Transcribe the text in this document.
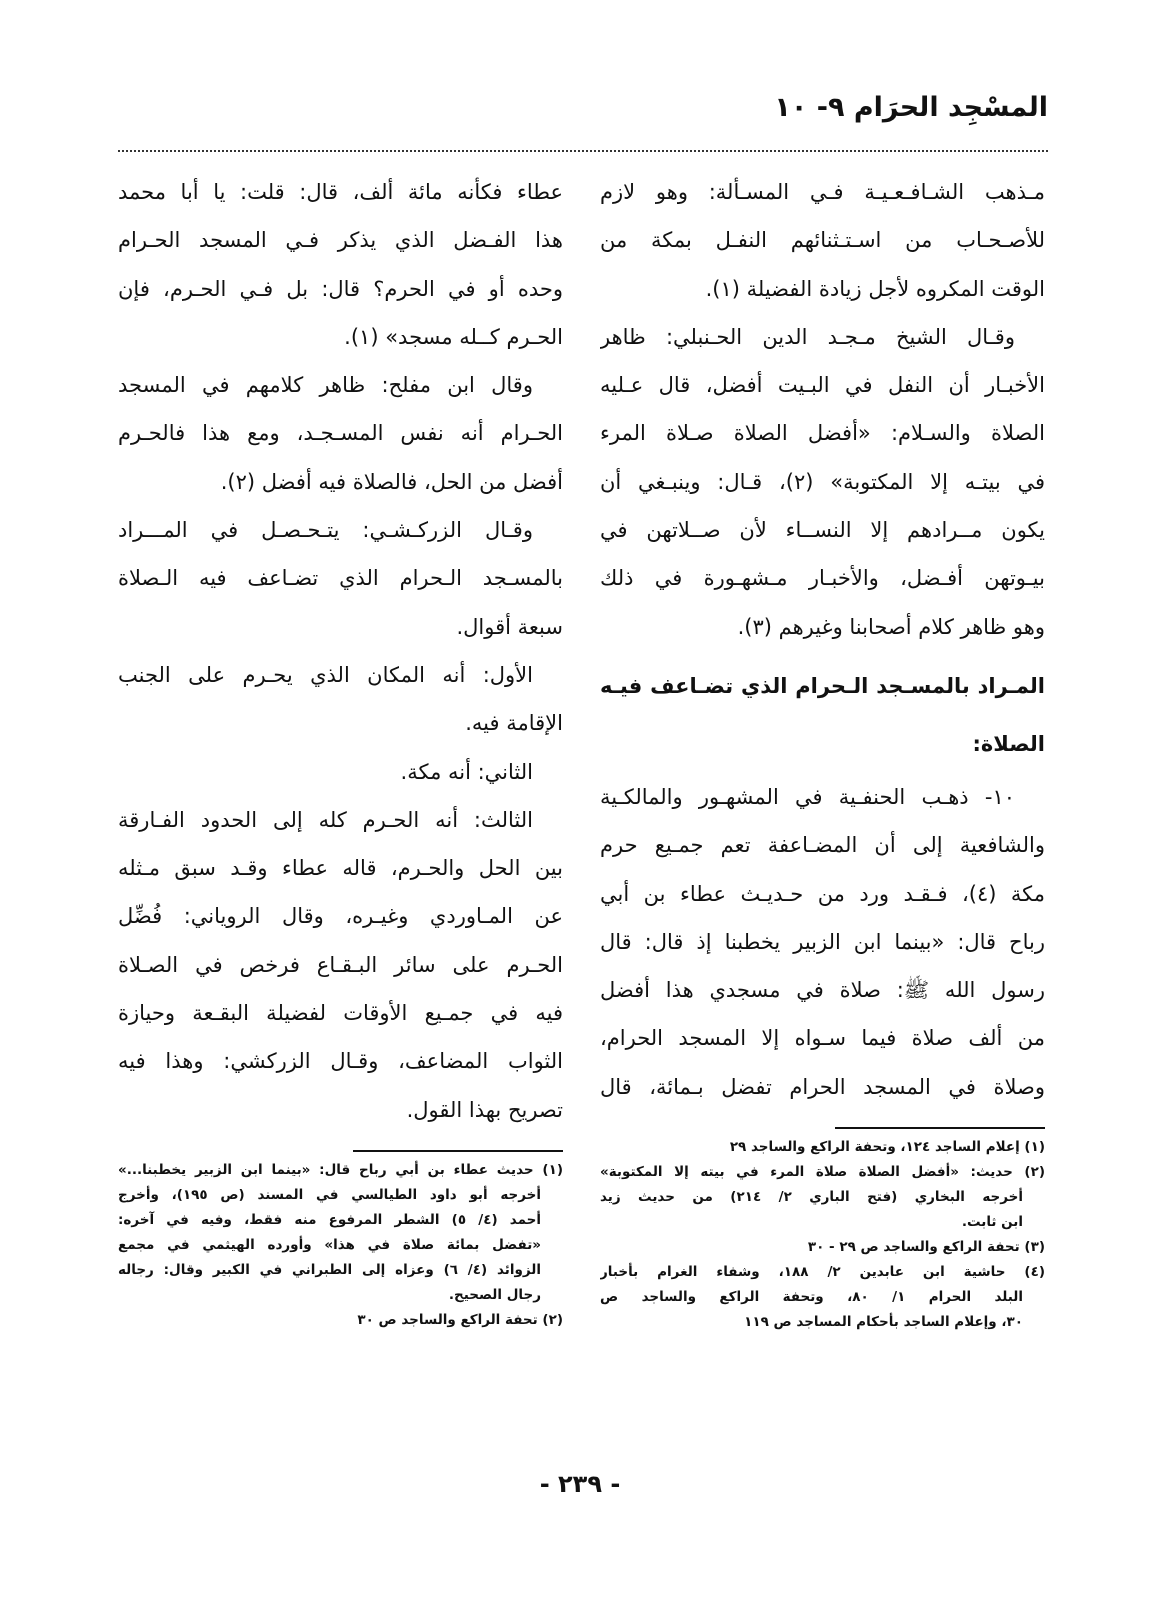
المسْجِد الحرَام ٩- ١٠
مـذهب الشـافـعـيـة فـي المسـألة: وهو لازم
للأصـحـاب من اسـتـثنائهم النفـل بمكة من
الوقت المكروه لأجل زيادة الفضيلة (١).
وقـال الشيخ مـجـد الدين الحـنبلي: ظاهر
الأخبـار أن النفل في البـيت أفضل، قال عـليه
الصلاة والسـلام: «أفضل الصلاة صـلاة المرء
في بيتـه إلا المكتوبة» (٢)، قـال: وينبـغي أن
يكون مــرادهم إلا النســاء لأن صــلاتهن في
بيـوتهن أفـضل، والأخبـار مـشهـورة في ذلك
وهو ظاهر كلام أصحابنا وغيرهم (٣).
المـراد بالمسـجد الـحرام الذي تضـاعف فيـه
الصلاة:
١٠- ذهـب الحنفـية في المشهـور والمالكـية
والشافعية إلى أن المضـاعفة تعم جمـيع حرم
مكة (٤)، فـقـد ورد من حـديـث عطاء بن أبي
رباح قال: «بينما ابن الزبير يخطبنا إذ قال: قال
رسول الله ﷺ: صلاة في مسجدي هذا أفضل
من ألف صلاة فيما سـواه إلا المسجد الحرام،
وصلاة في المسجد الحرام تفضل بـمائة، قال
(١) إعلام الساجد ١٢٤، وتحفة الراكع والساجد ٢٩
(٢) حديث: «أفضل الصلاة صلاة المرء في بيته إلا المكتوبة»
أخرجه البخاري (فتح الباري ٢/ ٢١٤) من حديث زيد
ابن ثابت.
(٣) تحفة الراكع والساجد ص ٢٩ - ٣٠
(٤) حاشية ابن عابدين ٢/ ١٨٨، وشفاء الغرام بأخبار
البلد الحرام ١/ ٨٠، وتحفة الراكع والساجد ص
٣٠، وإعلام الساجد بأحكام المساجد ص ١١٩
عطاء فكأنه مائة ألف، قال: قلت: يا أبا محمد
هذا الفـضل الذي يذكر فـي المسجد الحـرام
وحده أو في الحرم؟ قال: بل فـي الحـرم، فإن
الحـرم كــله مسجد» (١).
وقال ابن مفلح: ظاهر كلامهم في المسجد
الحـرام أنه نفس المسـجـد، ومع هذا فالحـرم
أفضل من الحل، فالصلاة فيه أفضل (٢).
وقـال الزركـشـي: يتـحـصـل في المـــراد
بالمسـجد الـحرام الذي تضـاعف فيه الـصلاة
سبعة أقوال.
الأول: أنه المكان الذي يحـرم على الجنب
الإقامة فيه.
الثاني: أنه مكة.
الثالث: أنه الحـرم كله إلى الحدود الفـارقة
بين الحل والحـرم، قاله عطاء وقـد سبق مـثله
عن المـاوردي وغيـره، وقال الروياني: فُضِّل
الحـرم على سائر البـقـاع فرخص في الصـلاة
فيه في جمـيع الأوقات لفضيلة البقـعة وحيازة
الثواب المضاعف، وقـال الزركشي: وهذا فيه
تصريح بهذا القول.
(١) حديث عطاء بن أبي رباح قال: «بينما ابن الزبير يخطبنا...»
أخرجه أبو داود الطيالسي في المسند (ص ١٩٥)، وأخرج
أحمد (٤/ ٥) الشطر المرفوع منه فقط، وفيه في آخره:
«تفضل بمائة صلاة في هذا» وأورده الهيثمي في مجمع
الزوائد (٤/ ٦) وعزاه إلى الطبراني في الكبير وقال: رجاله
رجال الصحيح.
(٢) تحفة الراكع والساجد ص ٣٠
- ٢٣٩ -
